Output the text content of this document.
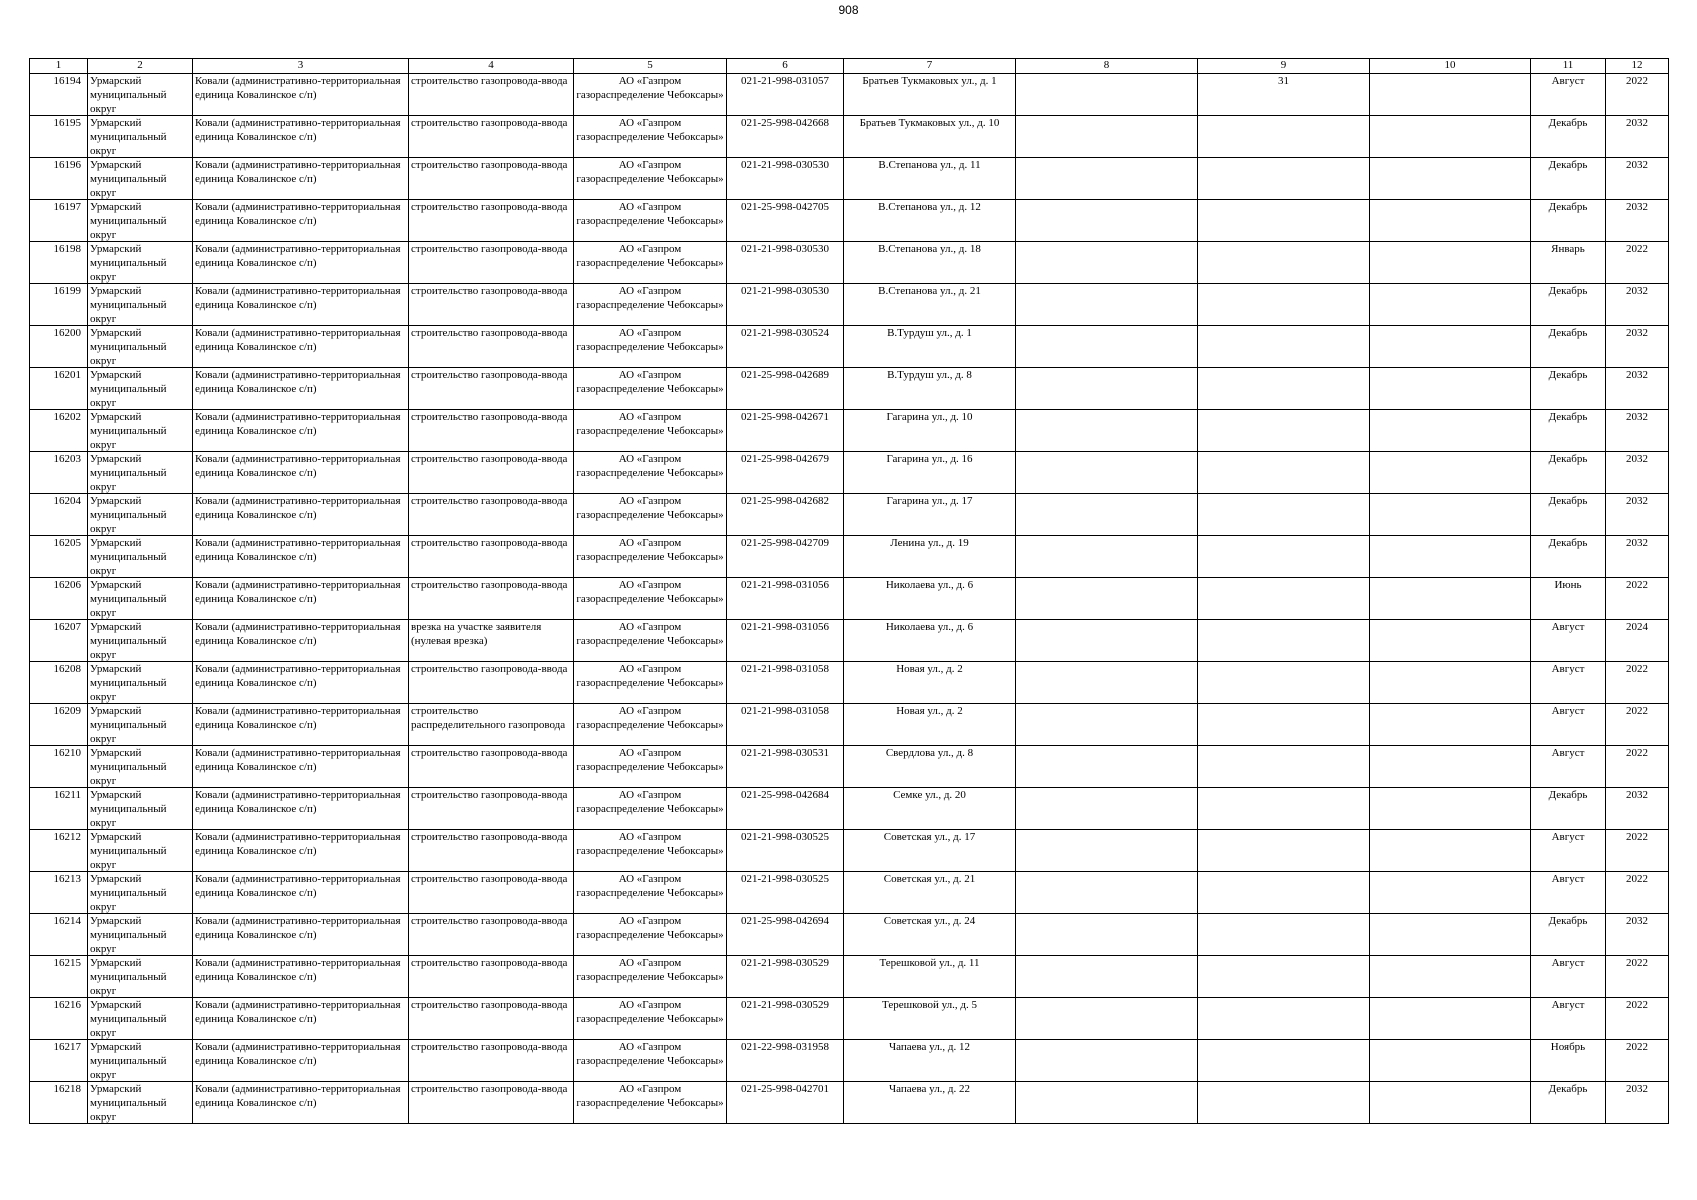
908
1	2	3	4	5	6	7	8	9	10	11	12

16194	Урмарский муниципальный округ	Ковали (административно-территориальная единица Ковалинское с/п)	строительство газопровода-ввода	АО «Газпром газораспределение Чебоксары»	021-21-998-031057	Братьев Тукмаковых ул., д. 1		31		Август	2022

16195	Урмарский муниципальный округ	Ковали (административно-территориальная единица Ковалинское с/п)	строительство газопровода-ввода	АО «Газпром газораспределение Чебоксары»	021-25-998-042668	Братьев Тукмаковых ул., д. 10				Декабрь	2032

16196	Урмарский муниципальный округ	Ковали (административно-территориальная единица Ковалинское с/п)	строительство газопровода-ввода	АО «Газпром газораспределение Чебоксары»	021-21-998-030530	В.Степанова ул., д. 11				Декабрь	2032

16197	Урмарский муниципальный округ	Ковали (административно-территориальная единица Ковалинское с/п)	строительство газопровода-ввода	АО «Газпром газораспределение Чебоксары»	021-25-998-042705	В.Степанова ул., д. 12				Декабрь	2032

16198	Урмарский муниципальный округ	Ковали (административно-территориальная единица Ковалинское с/п)	строительство газопровода-ввода	АО «Газпром газораспределение Чебоксары»	021-21-998-030530	В.Степанова ул., д. 18				Январь	2022

16199	Урмарский муниципальный округ	Ковали (административно-территориальная единица Ковалинское с/п)	строительство газопровода-ввода	АО «Газпром газораспределение Чебоксары»	021-21-998-030530	В.Степанова ул., д. 21				Декабрь	2032

16200	Урмарский муниципальный округ	Ковали (административно-территориальная единица Ковалинское с/п)	строительство газопровода-ввода	АО «Газпром газораспределение Чебоксары»	021-21-998-030524	В.Турдуш ул., д. 1				Декабрь	2032

16201	Урмарский муниципальный округ	Ковали (административно-территориальная единица Ковалинское с/п)	строительство газопровода-ввода	АО «Газпром газораспределение Чебоксары»	021-25-998-042689	В.Турдуш ул., д. 8				Декабрь	2032

16202	Урмарский муниципальный округ	Ковали (административно-территориальная единица Ковалинское с/п)	строительство газопровода-ввода	АО «Газпром газораспределение Чебоксары»	021-25-998-042671	Гагарина ул., д. 10				Декабрь	2032

16203	Урмарский муниципальный округ	Ковали (административно-территориальная единица Ковалинское с/п)	строительство газопровода-ввода	АО «Газпром газораспределение Чебоксары»	021-25-998-042679	Гагарина ул., д. 16				Декабрь	2032

16204	Урмарский муниципальный округ	Ковали (административно-территориальная единица Ковалинское с/п)	строительство газопровода-ввода	АО «Газпром газораспределение Чебоксары»	021-25-998-042682	Гагарина ул., д. 17				Декабрь	2032

16205	Урмарский муниципальный округ	Ковали (административно-территориальная единица Ковалинское с/п)	строительство газопровода-ввода	АО «Газпром газораспределение Чебоксары»	021-25-998-042709	Ленина ул., д. 19				Декабрь	2032

16206	Урмарский муниципальный округ	Ковали (административно-территориальная единица Ковалинское с/п)	строительство газопровода-ввода	АО «Газпром газораспределение Чебоксары»	021-21-998-031056	Николаева ул., д. 6				Июнь	2022

16207	Урмарский муниципальный округ	Ковали (административно-территориальная единица Ковалинское с/п)	врезка на участке заявителя (нулевая врезка)	АО «Газпром газораспределение Чебоксары»	021-21-998-031056	Николаева ул., д. 6				Август	2024

16208	Урмарский муниципальный округ	Ковали (административно-территориальная единица Ковалинское с/п)	строительство газопровода-ввода	АО «Газпром газораспределение Чебоксары»	021-21-998-031058	Новая ул., д. 2				Август	2022

16209	Урмарский муниципальный округ	Ковали (административно-территориальная единица Ковалинское с/п)	строительство распределительного газопровода	АО «Газпром газораспределение Чебоксары»	021-21-998-031058	Новая ул., д. 2				Август	2022

16210	Урмарский муниципальный округ	Ковали (административно-территориальная единица Ковалинское с/п)	строительство газопровода-ввода	АО «Газпром газораспределение Чебоксары»	021-21-998-030531	Свердлова ул., д. 8				Август	2022

16211	Урмарский муниципальный округ	Ковали (административно-территориальная единица Ковалинское с/п)	строительство газопровода-ввода	АО «Газпром газораспределение Чебоксары»	021-25-998-042684	Семке ул., д. 20				Декабрь	2032

16212	Урмарский муниципальный округ	Ковали (административно-территориальная единица Ковалинское с/п)	строительство газопровода-ввода	АО «Газпром газораспределение Чебоксары»	021-21-998-030525	Советская ул., д. 17				Август	2022

16213	Урмарский муниципальный округ	Ковали (административно-территориальная единица Ковалинское с/п)	строительство газопровода-ввода	АО «Газпром газораспределение Чебоксары»	021-21-998-030525	Советская ул., д. 21				Август	2022

16214	Урмарский муниципальный округ	Ковали (административно-территориальная единица Ковалинское с/п)	строительство газопровода-ввода	АО «Газпром газораспределение Чебоксары»	021-25-998-042694	Советская ул., д. 24				Декабрь	2032

16215	Урмарский муниципальный округ	Ковали (административно-территориальная единица Ковалинское с/п)	строительство газопровода-ввода	АО «Газпром газораспределение Чебоксары»	021-21-998-030529	Терешковой ул., д. 11				Август	2022

16216	Урмарский муниципальный округ	Ковали (административно-территориальная единица Ковалинское с/п)	строительство газопровода-ввода	АО «Газпром газораспределение Чебоксары»	021-21-998-030529	Терешковой ул., д. 5				Август	2022

16217	Урмарский муниципальный округ	Ковали (административно-территориальная единица Ковалинское с/п)	строительство газопровода-ввода	АО «Газпром газораспределение Чебоксары»	021-22-998-031958	Чапаева ул., д. 12				Ноябрь	2022

16218	Урмарский муниципальный округ	Ковали (административно-территориальная единица Ковалинское с/п)	строительство газопровода-ввода	АО «Газпром газораспределение Чебоксары»	021-25-998-042701	Чапаева ул., д. 22				Декабрь	2032
